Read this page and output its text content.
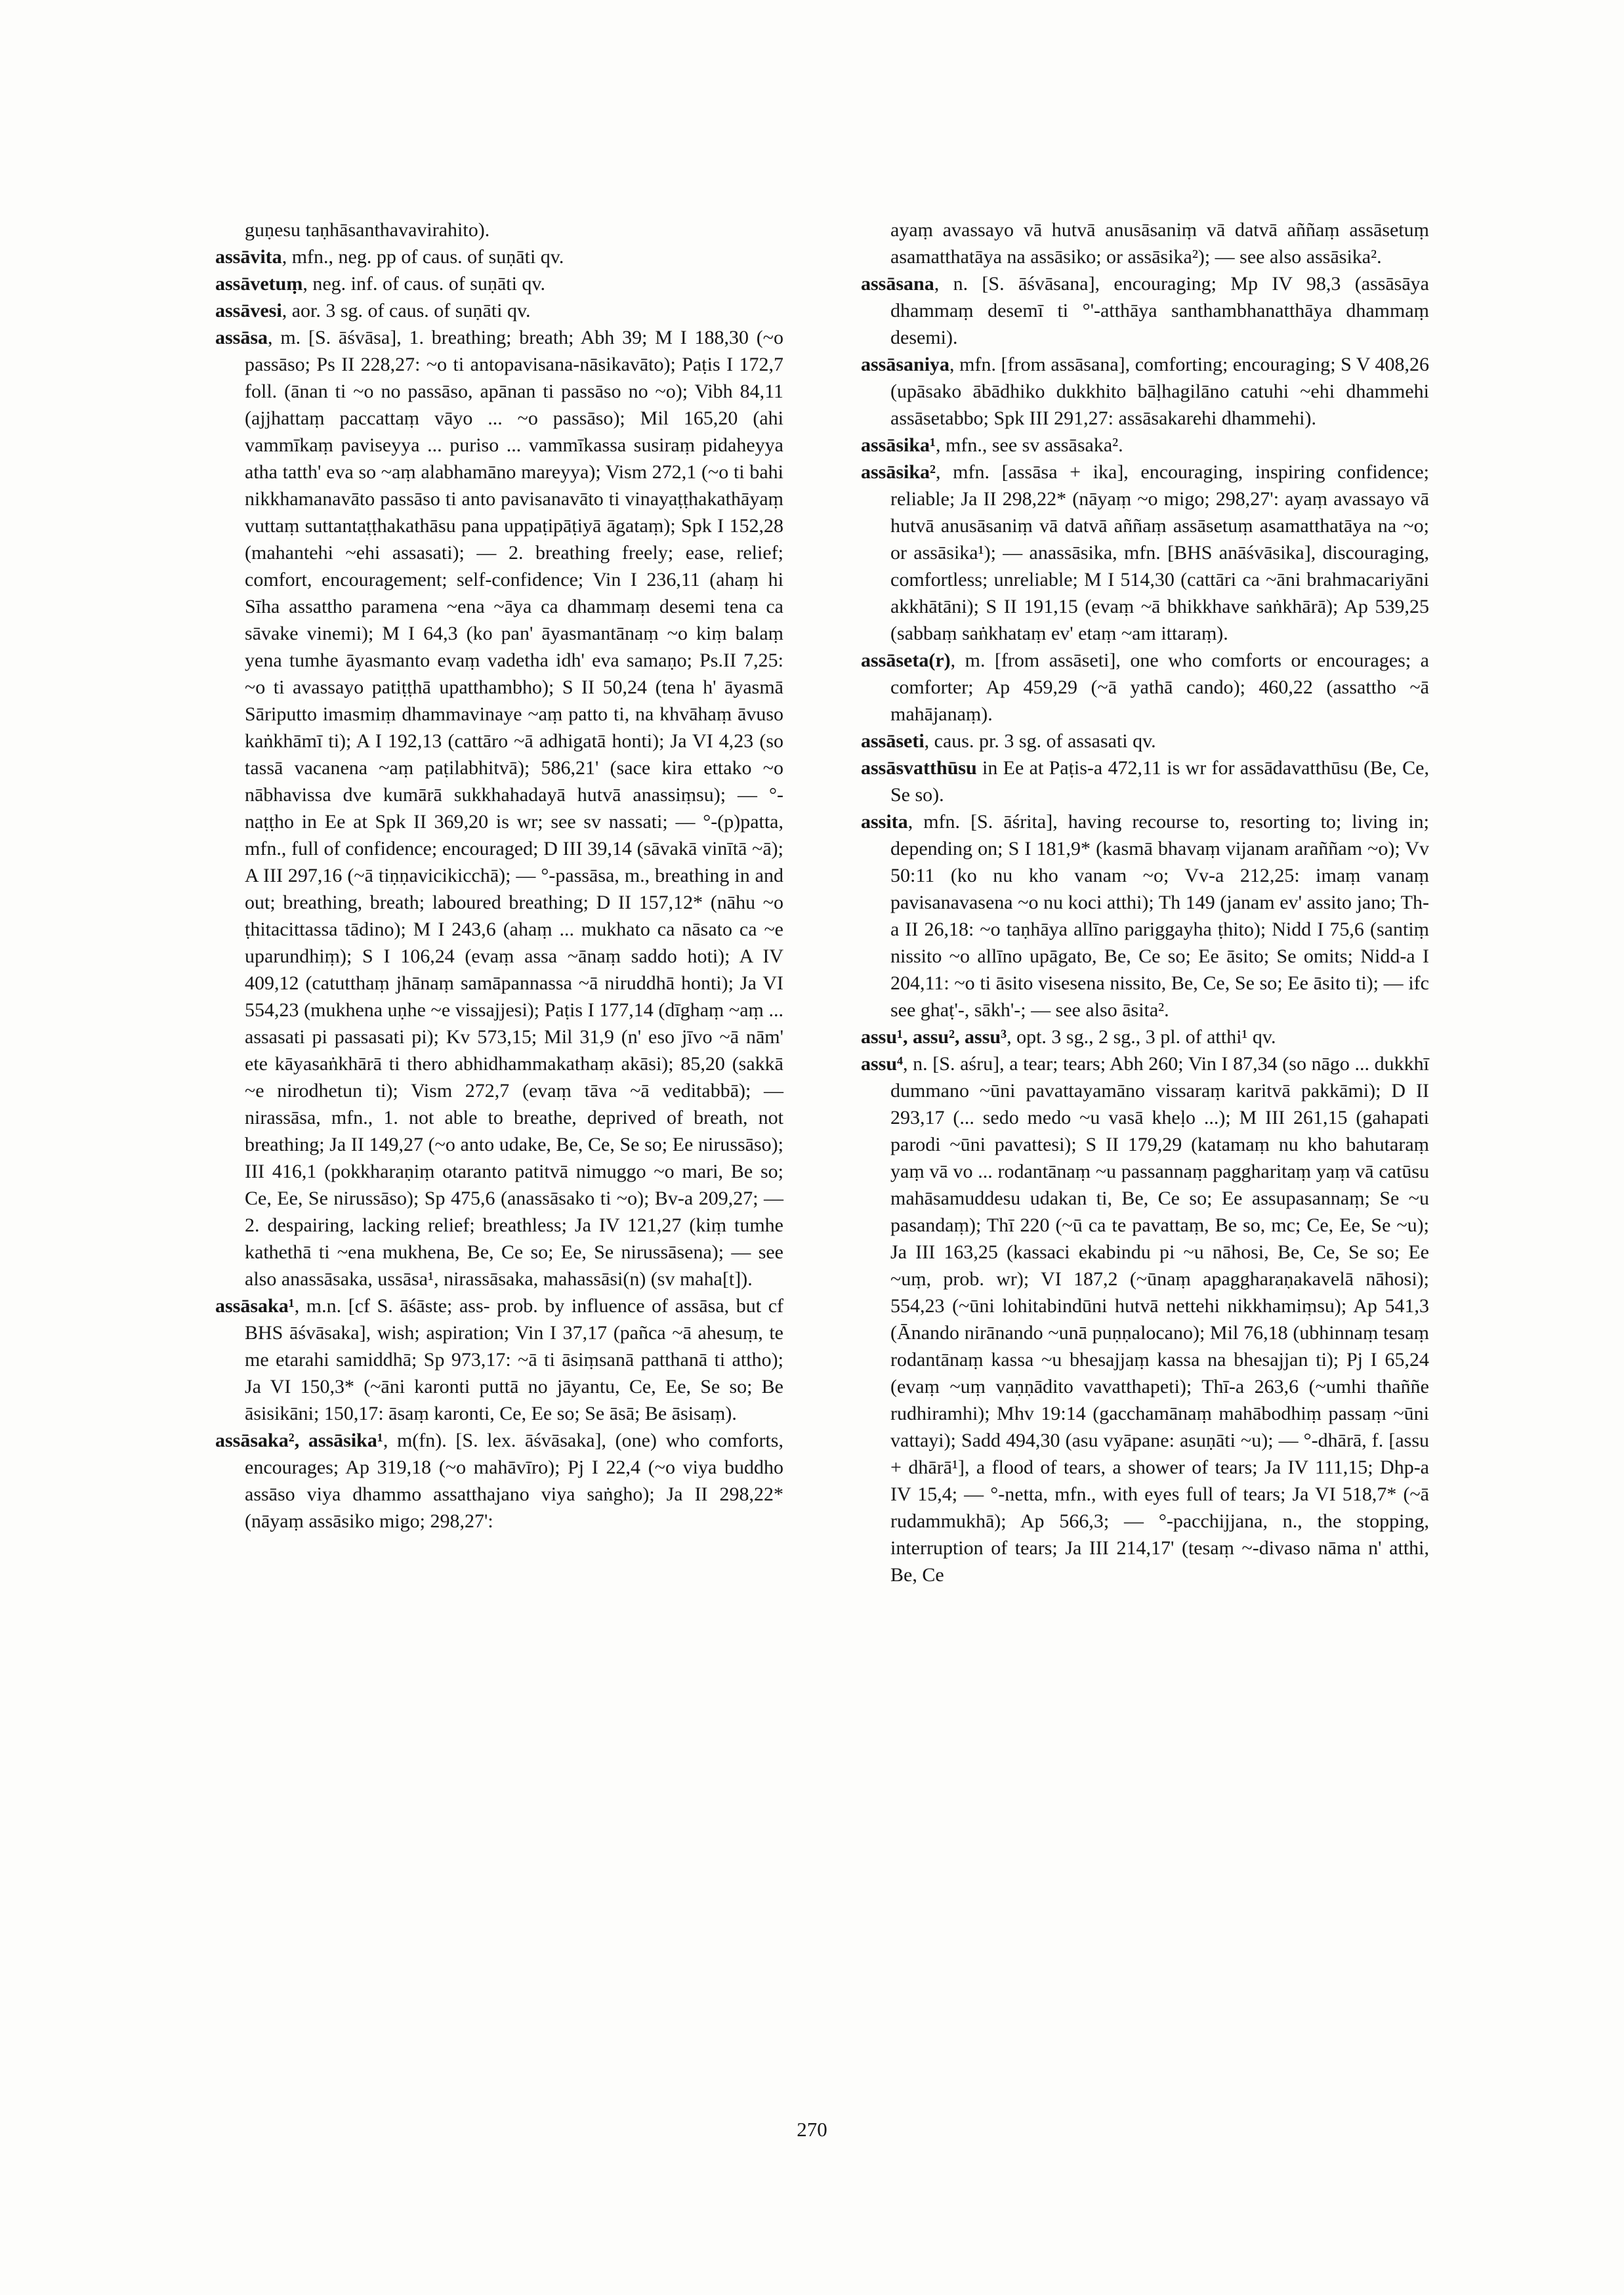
guṇesu taṇhāsanthavavirahito).

assāvita, mfn., neg. pp of caus. of suṇāti qv.

assāvetuṃ, neg. inf. of caus. of suṇāti qv.

assāvesi, aor. 3 sg. of caus. of suṇāti qv.

assāsa, m. [S. āśvāsa], 1. breathing; breath; Abh 39; M I 188,30 (~o passāso; Ps II 228,27: ~o ti antopavisana-nāsikavāto); Paṭis I 172,7 foll. (ānan ti ~o no passāso, apānan ti passāso no ~o); Vibh 84,11 (ajjhattaṃ paccattaṃ vāyo ... ~o passāso); Mil 165,20 (ahi vammīkaṃ paviseyya ... puriso ... vammīkassa susiraṃ pidaheyya atha tatth' eva so ~aṃ alabhamāno mareyya); Vism 272,1 (~o ti bahi nikkhamanavāto passāso ti anto pavisanavāto ti vinayaṭṭhakathāyaṃ vuttaṃ suttantaṭṭhakathāsu pana uppaṭipāṭiyā āgataṃ); Spk I 152,28 (mahantehi ~ehi assasati); — 2. breathing freely; ease, relief; comfort, encouragement; self-confidence; Vin I 236,11 (ahaṃ hi Sīha assattho paramena ~ena ~āya ca dhammaṃ desemi tena ca sāvake vinemi); M I 64,3 (ko pan' āyasmantānaṃ ~o kiṃ balaṃ yena tumhe āyasmanto evaṃ vadetha idh' eva samaṇo; Ps.II 7,25: ~o ti avassayo patiṭṭhā upatthambho); S II 50,24 (tena h' āyasmā Sāriputto imasmiṃ dhammavinaye ~aṃ patto ti, na khvāhaṃ āvuso kaṅkhāmī ti); A I 192,13 (cattāro ~ā adhigatā honti); Ja VI 4,23 (so tassā vacanena ~aṃ paṭilabhitvā); 586,21' (sace kira ettako ~o nābhavissa dve kumārā sukkhahadayā hutvā anassiṃsu); — °-naṭṭho in Ee at Spk II 369,20 is wr; see sv nassati; — °-(p)patta, mfn., full of confidence; encouraged; D III 39,14 (sāvakā vinītā ~ā); A III 297,16 (~ā tiṇṇavicikicchā); — °-passāsa, m., breathing in and out; breathing, breath; laboured breathing; D II 157,12* (nāhu ~o ṭhitacittassa tādino); M I 243,6 (ahaṃ ... mukhato ca nāsato ca ~e uparundhiṃ); S I 106,24 (evaṃ assa ~ānaṃ saddo hoti); A IV 409,12 (catutthaṃ jhānaṃ samāpannassa ~ā niruddhā honti); Ja VI 554,23 (mukhena uṇhe ~e vissajjesi); Paṭis I 177,14 (dīghaṃ ~aṃ ... assasati pi passasati pi); Kv 573,15; Mil 31,9 (n' eso jīvo ~ā nām' ete kāyasaṅkhārā ti thero abhidhammakathaṃ akāsi); 85,20 (sakkā ~e nirodhetun ti); Vism 272,7 (evaṃ tāva ~ā veditabbā); — nirassāsa, mfn., 1. not able to breathe, deprived of breath, not breathing; Ja II 149,27 (~o anto udake, Be, Ce, Se so; Ee nirussāso); III 416,1 (pokkharaṇiṃ otaranto patitvā nimuggo ~o mari, Be so; Ce, Ee, Se nirussāso); Sp 475,6 (anassāsako ti ~o); Bv-a 209,27; — 2. despairing, lacking relief; breathless; Ja IV 121,27 (kiṃ tumhe kathethā ti ~ena mukhena, Be, Ce so; Ee, Se nirussāsena); — see also anassāsaka, ussāsa¹, nirassāsaka, mahassāsi(n) (sv maha[t]).

assāsaka¹, m.n. [cf S. āśāste; ass- prob. by influence of assāsa, but cf BHS āśvāsaka], wish; aspiration; Vin I 37,17 (pañca ~ā ahesuṃ, te me etarahi samiddhā; Sp 973,17: ~ā ti āsiṃsanā patthanā ti attho); Ja VI 150,3* (~āni karonti puttā no jāyantu, Ce, Ee, Se so; Be āsisikāni; 150,17: āsaṃ karonti, Ce, Ee so; Se āsā; Be āsisaṃ).

assāsaka², assāsika¹, m(fn). [S. lex. āśvāsaka], (one) who comforts, encourages; Ap 319,18 (~o mahāvīro); Pj I 22,4 (~o viya buddho assāso viya dhammo assatthajano viya saṅgho); Ja II 298,22* (nāyaṃ assāsiko migo; 298,27':

ayaṃ avassayo vā hutvā anusāsaniṃ vā datvā aññaṃ assāsetuṃ asamatthatāya na assāsiko; or assāsika²); — see also assāsika².

assāsana, n. [S. āśvāsana], encouraging; Mp IV 98,3 (assāsāya dhammaṃ desemī ti °'-atthāya santhambhanatthāya dhammaṃ desemi).

assāsaniya, mfn. [from assāsana], comforting; encouraging; S V 408,26 (upāsako ābādhiko dukkhito bāḷhagilāno catuhi ~ehi dhammehi assāsetabbo; Spk III 291,27: assāsakarehi dhammehi).

assāsika¹, mfn., see sv assāsaka².

assāsika², mfn. [assāsa + ika], encouraging, inspiring confidence; reliable; Ja II 298,22* (nāyaṃ ~o migo; 298,27': ayaṃ avassayo vā hutvā anusāsaniṃ vā datvā aññaṃ assāsetuṃ asamatthatāya na ~o; or assāsika¹); — anassāsika, mfn. [BHS anāśvāsika], discouraging, comfortless; unreliable; M I 514,30 (cattāri ca ~āni brahmacariyāni akkhātāni); S II 191,15 (evaṃ ~ā bhikkhave saṅkhārā); Ap 539,25 (sabbaṃ saṅkhataṃ ev' etaṃ ~am ittaraṃ).

assāseta(r), m. [from assāseti], one who comforts or encourages; a comforter; Ap 459,29 (~ā yathā cando); 460,22 (assattho ~ā mahājanaṃ).

assāseti, caus. pr. 3 sg. of assasati qv.

assāsvatthūsu in Ee at Paṭis-a 472,11 is wr for assādavatthūsu (Be, Ce, Se so).

assita, mfn. [S. āśrita], having recourse to, resorting to; living in; depending on; S I 181,9* (kasmā bhavaṃ vijanam araññam ~o); Vv 50:11 (ko nu kho vanam ~o; Vv-a 212,25: imaṃ vanaṃ pavisanavasena ~o nu koci atthi); Th 149 (janam ev' assito jano; Th-a II 26,18: ~o taṇhāya allīno pariggayha ṭhito); Nidd I 75,6 (santiṃ nissito ~o allīno upāgato, Be, Ce so; Ee āsito; Se omits; Nidd-a I 204,11: ~o ti āsito visesena nissito, Be, Ce, Se so; Ee āsito ti); — ifc see ghaṭ'-, sākh'-; — see also āsita².

assu¹, assu², assu³, opt. 3 sg., 2 sg., 3 pl. of atthi¹ qv.

assu⁴, n. [S. aśru], a tear; tears; Abh 260; Vin I 87,34 (so nāgo ... dukkhī dummano ~ūni pavattayamāno vissaraṃ karitvā pakkāmi); D II 293,17 (... sedo medo ~u vasā kheḷo ...); M III 261,15 (gahapati parodi ~ūni pavattesi); S II 179,29 (katamaṃ nu kho bahutaraṃ yaṃ vā vo ... rodantānaṃ ~u passannaṃ paggharitaṃ yaṃ vā catūsu mahāsamuddesu udakan ti, Be, Ce so; Ee assupasannaṃ; Se ~u pasandaṃ); Thī 220 (~ū ca te pavattaṃ, Be so, mc; Ce, Ee, Se ~u); Ja III 163,25 (kassaci ekabindu pi ~u nāhosi, Be, Ce, Se so; Ee ~uṃ, prob. wr); VI 187,2 (~ūnaṃ apaggharaṇakavelā nāhosi); 554,23 (~ūni lohitabindūni hutvā nettehi nikkhamiṃsu); Ap 541,3 (Ānando nirānando ~unā puṇṇalocano); Mil 76,18 (ubhinnaṃ tesaṃ rodantānaṃ kassa ~u bhesajjaṃ kassa na bhesajjan ti); Pj I 65,24 (evaṃ ~uṃ vaṇṇādito vavatthapeti); Thī-a 263,6 (~umhi thaññe rudhiramhi); Mhv 19:14 (gacchamānaṃ mahābodhiṃ passaṃ ~ūni vattayi); Sadd 494,30 (asu vyāpane: asuṇāti ~u); — °-dhārā, f. [assu + dhārā¹], a flood of tears, a shower of tears; Ja IV 111,15; Dhp-a IV 15,4; — °-netta, mfn., with eyes full of tears; Ja VI 518,7* (~ā rudammukhā); Ap 566,3; — °-pacchijjana, n., the stopping, interruption of tears; Ja III 214,17' (tesaṃ ~-divaso nāma n' atthi, Be, Ce

270
